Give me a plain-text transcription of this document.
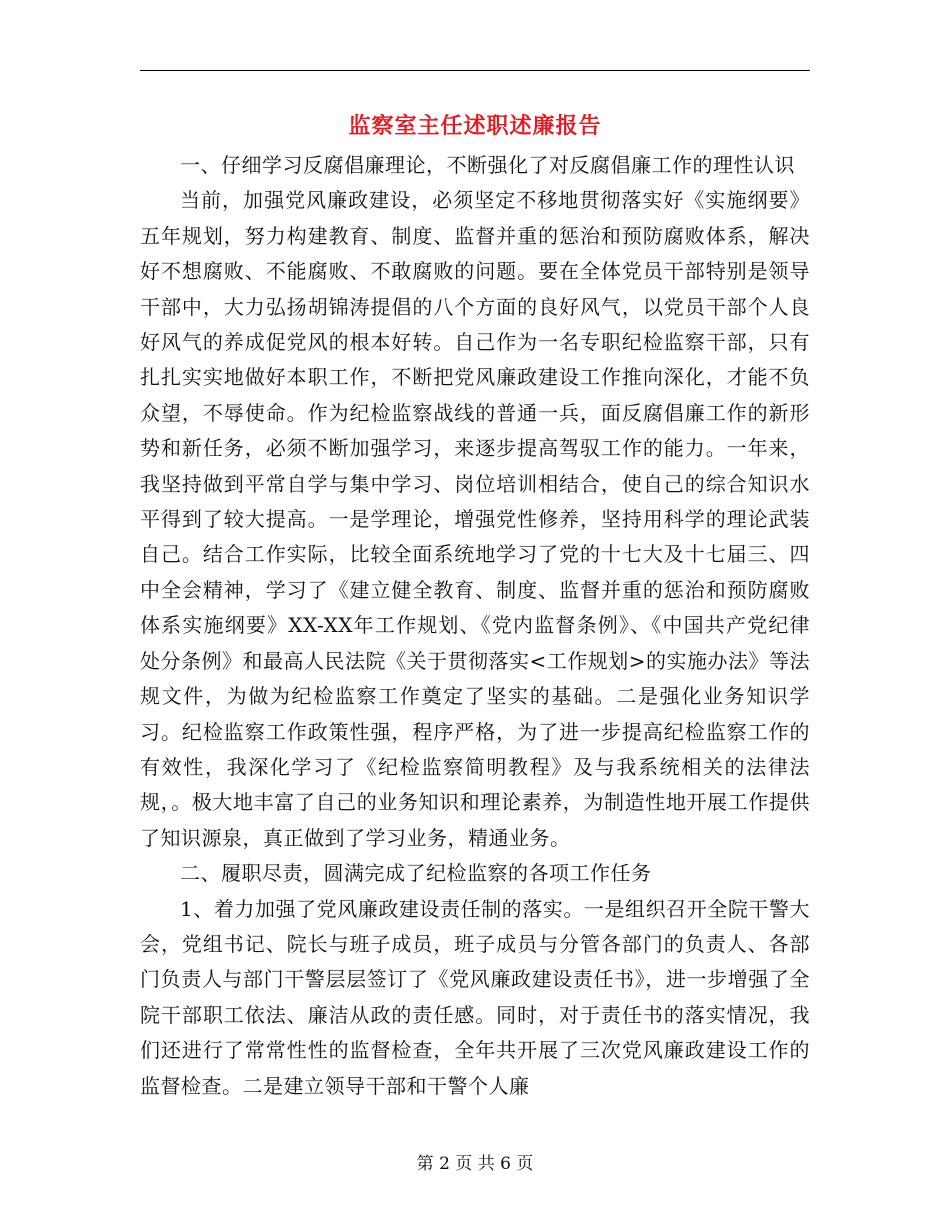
监察室主任述职述廉报告

一、仔细学习反腐倡廉理论，不断强化了对反腐倡廉工作的理性认识

当前，加强党风廉政建设，必须坚定不移地贯彻落实好《实施纲要》五年规划，努力构建教育、制度、监督并重的惩治和预防腐败体系，解决好不想腐败、不能腐败、不敢腐败的问题。要在全体党员干部特别是领导干部中，大力弘扬胡锦涛提倡的八个方面的良好风气，以党员干部个人良好风气的养成促党风的根本好转。自己作为一名专职纪检监察干部，只有扎扎实实地做好本职工作，不断把党风廉政建设工作推向深化，才能不负众望，不辱使命。作为纪检监察战线的普通一兵，面反腐倡廉工作的新形势和新任务，必须不断加强学习，来逐步提高驾驭工作的能力。一年来，我坚持做到平常自学与集中学习、岗位培训相结合，使自己的综合知识水平得到了较大提高。一是学理论，增强党性修养，坚持用科学的理论武装自己。结合工作实际，比较全面系统地学习了党的十七大及十七届三、四中全会精神，学习了《建立健全教育、制度、监督并重的惩治和预防腐败体系实施纲要》XX-XX年工作规划、《党内监督条例》、《中国共产党纪律处分条例》和最高人民法院《关于贯彻落实<工作规划>的实施办法》等法规文件，为做为纪检监察工作奠定了坚实的基础。二是强化业务知识学习。纪检监察工作政策性强，程序严格，为了进一步提高纪检监察工作的有效性，我深化学习了《纪检监察简明教程》及与我系统相关的法律法规，。极大地丰富了自己的业务知识和理论素养，为制造性地开展工作提供了知识源泉，真正做到了学习业务，精通业务。

二、履职尽责，圆满完成了纪检监察的各项工作任务

1、着力加强了党风廉政建设责任制的落实。一是组织召开全院干警大会，党组书记、院长与班子成员，班子成员与分管各部门的负责人、各部门负责人与部门干警层层签订了《党风廉政建设责任书》，进一步增强了全院干部职工依法、廉洁从政的责任感。同时，对于责任书的落实情况，我们还进行了常常性性的监督检查，全年共开展了三次党风廉政建设工作的监督检查。二是建立领导干部和干警个人廉

第 2 页 共 6 页
